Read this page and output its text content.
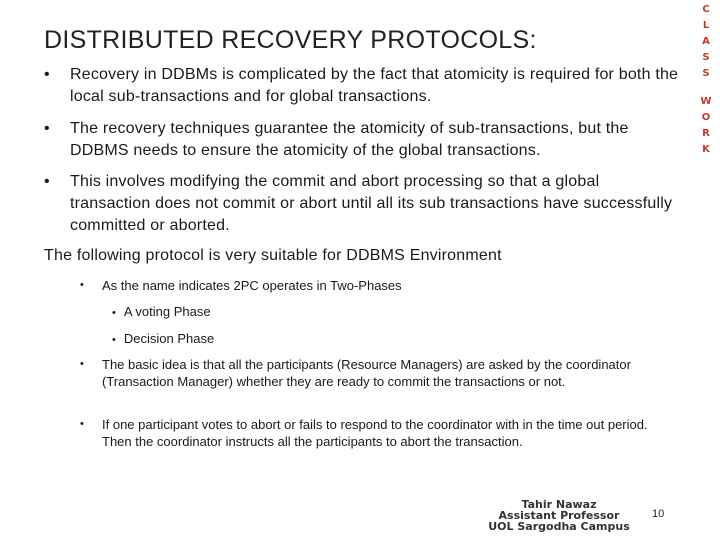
DISTRIBUTED RECOVERY PROTOCOLS:
C
L
A
S
S
W
O
R
K
• Recovery in DDBMs is complicated by the fact that atomicity is required for both the local sub-transactions and for global transactions.
• The recovery techniques guarantee the atomicity of sub-transactions, but the DDBMS needs to ensure the atomicity of the global transactions.
• This involves modifying the commit and abort processing so that a global transaction does not commit or abort until all its sub transactions have successfully committed or aborted.
The following protocol is very suitable for DDBMS Environment
• As the name indicates 2PC operates in Two-Phases
• A voting Phase
• Decision Phase
• The basic idea is that all the participants (Resource Managers) are asked by the coordinator (Transaction Manager) whether they are ready to commit the transactions or not.
• If one participant votes to abort or fails to respond to the coordinator with in the time out period. Then the coordinator instructs all the participants to abort the transaction.
Tahir Nawaz
Assistant Professor
UOL Sargodha Campus
10
